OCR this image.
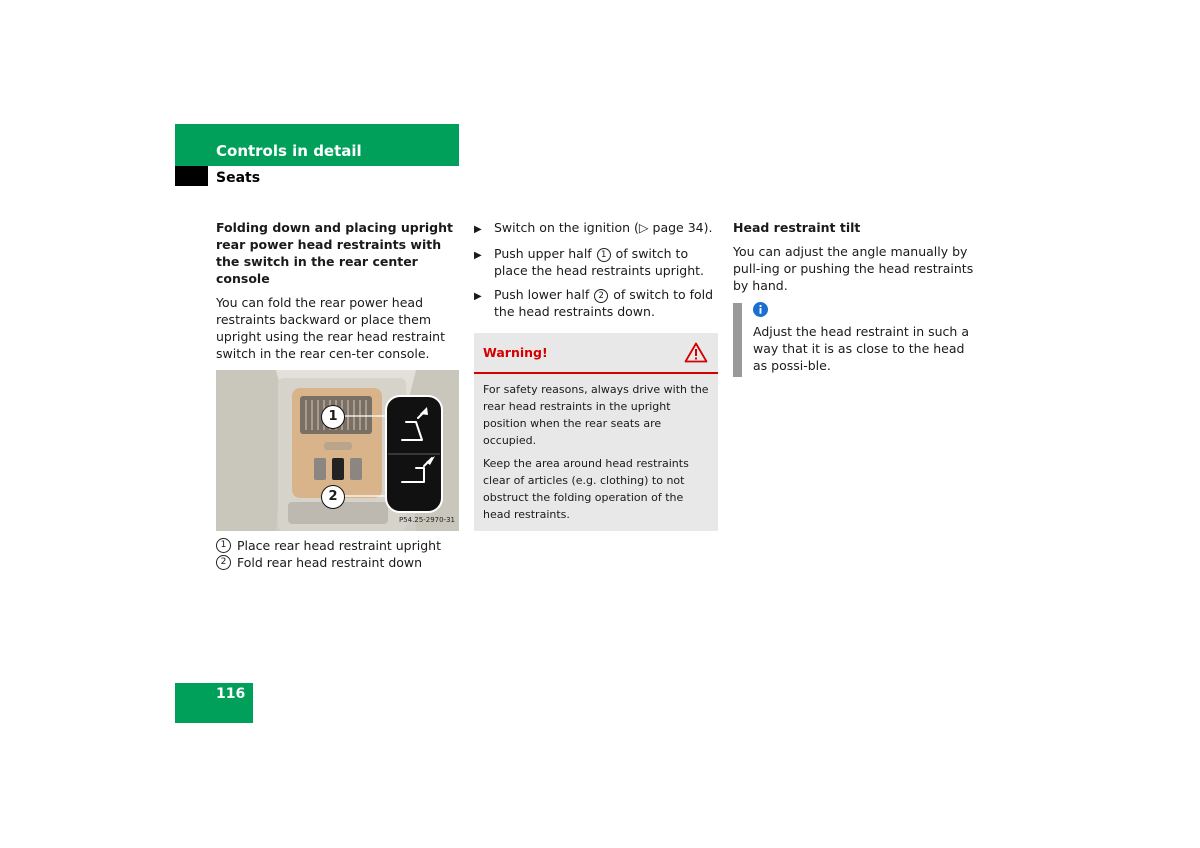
Controls in detail
Seats

Folding down and placing upright rear power head restraints with the switch in the rear center console

You can fold the rear power head restraints backward or place them upright using the rear head restraint switch in the rear cen-ter console.

1
2
P54.25-2970-31
1 Place rear head restraint upright
2 Fold rear head restraint down
▶ Switch on the ignition (▷ page 34).
▶ Push upper half 1 of switch to place the head restraints upright.
▶ Push lower half 2 of switch to fold the head restraints down.
Warning!

For safety reasons, always drive with the rear head restraints in the upright position when the rear seats are occupied.

Keep the area around head restraints clear of articles (e.g. clothing) to not obstruct the folding operation of the head restraints.

Head restraint tilt

You can adjust the angle manually by pull-ing or pushing the head restraints by hand.

Adjust the head restraint in such a way that it is as close to the head as possi-ble.
116
